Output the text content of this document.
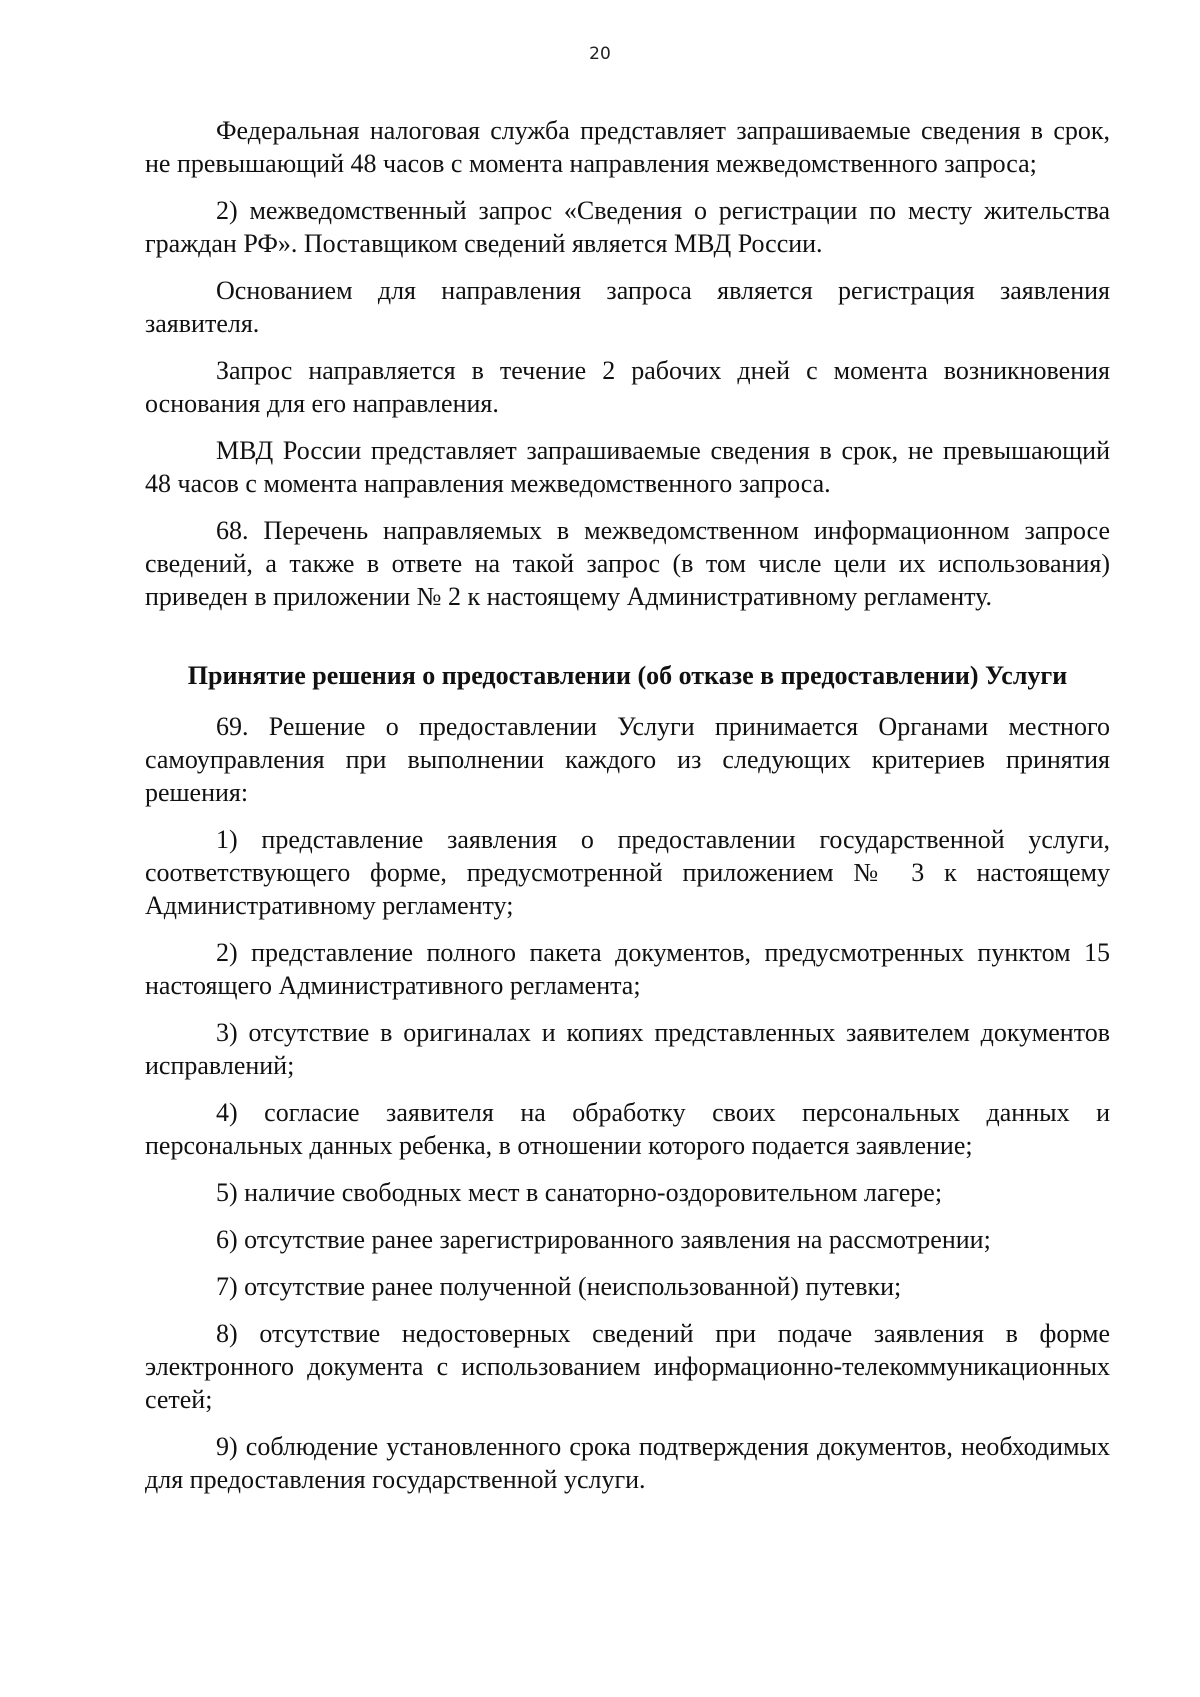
20

Федеральная налоговая служба представляет запрашиваемые сведения в срок, не превышающий 48 часов с момента направления межведомственного запроса;

2) межведомственный запрос «Сведения о регистрации по месту жительства граждан РФ». Поставщиком сведений является МВД России.

Основанием для направления запроса является регистрация заявления заявителя.

Запрос направляется в течение 2 рабочих дней с момента возникновения основания для его направления.

МВД России представляет запрашиваемые сведения в срок, не превышающий 48 часов с момента направления межведомственного запроса.

68. Перечень направляемых в межведомственном информационном запросе сведений, а также в ответе на такой запрос (в том числе цели их использования) приведен в приложении № 2 к настоящему Административному регламенту.

Принятие решения о предоставлении (об отказе в предоставлении) Услуги

69. Решение о предоставлении Услуги принимается Органами местного самоуправления при выполнении каждого из следующих критериев принятия решения:

1) представление заявления о предоставлении государственной услуги, соответствующего форме, предусмотренной приложением № 3 к настоящему Административному регламенту;

2) представление полного пакета документов, предусмотренных пунктом 15 настоящего Административного регламента;

3) отсутствие в оригиналах и копиях представленных заявителем документов исправлений;

4) согласие заявителя на обработку своих персональных данных и персональных данных ребенка, в отношении которого подается заявление;

5) наличие свободных мест в санаторно-оздоровительном лагере;

6) отсутствие ранее зарегистрированного заявления на рассмотрении;

7) отсутствие ранее полученной (неиспользованной) путевки;

8) отсутствие недостоверных сведений при подаче заявления в форме электронного документа с использованием информационно-телекоммуникационных сетей;

9) соблюдение установленного срока подтверждения документов, необходимых для предоставления государственной услуги.
